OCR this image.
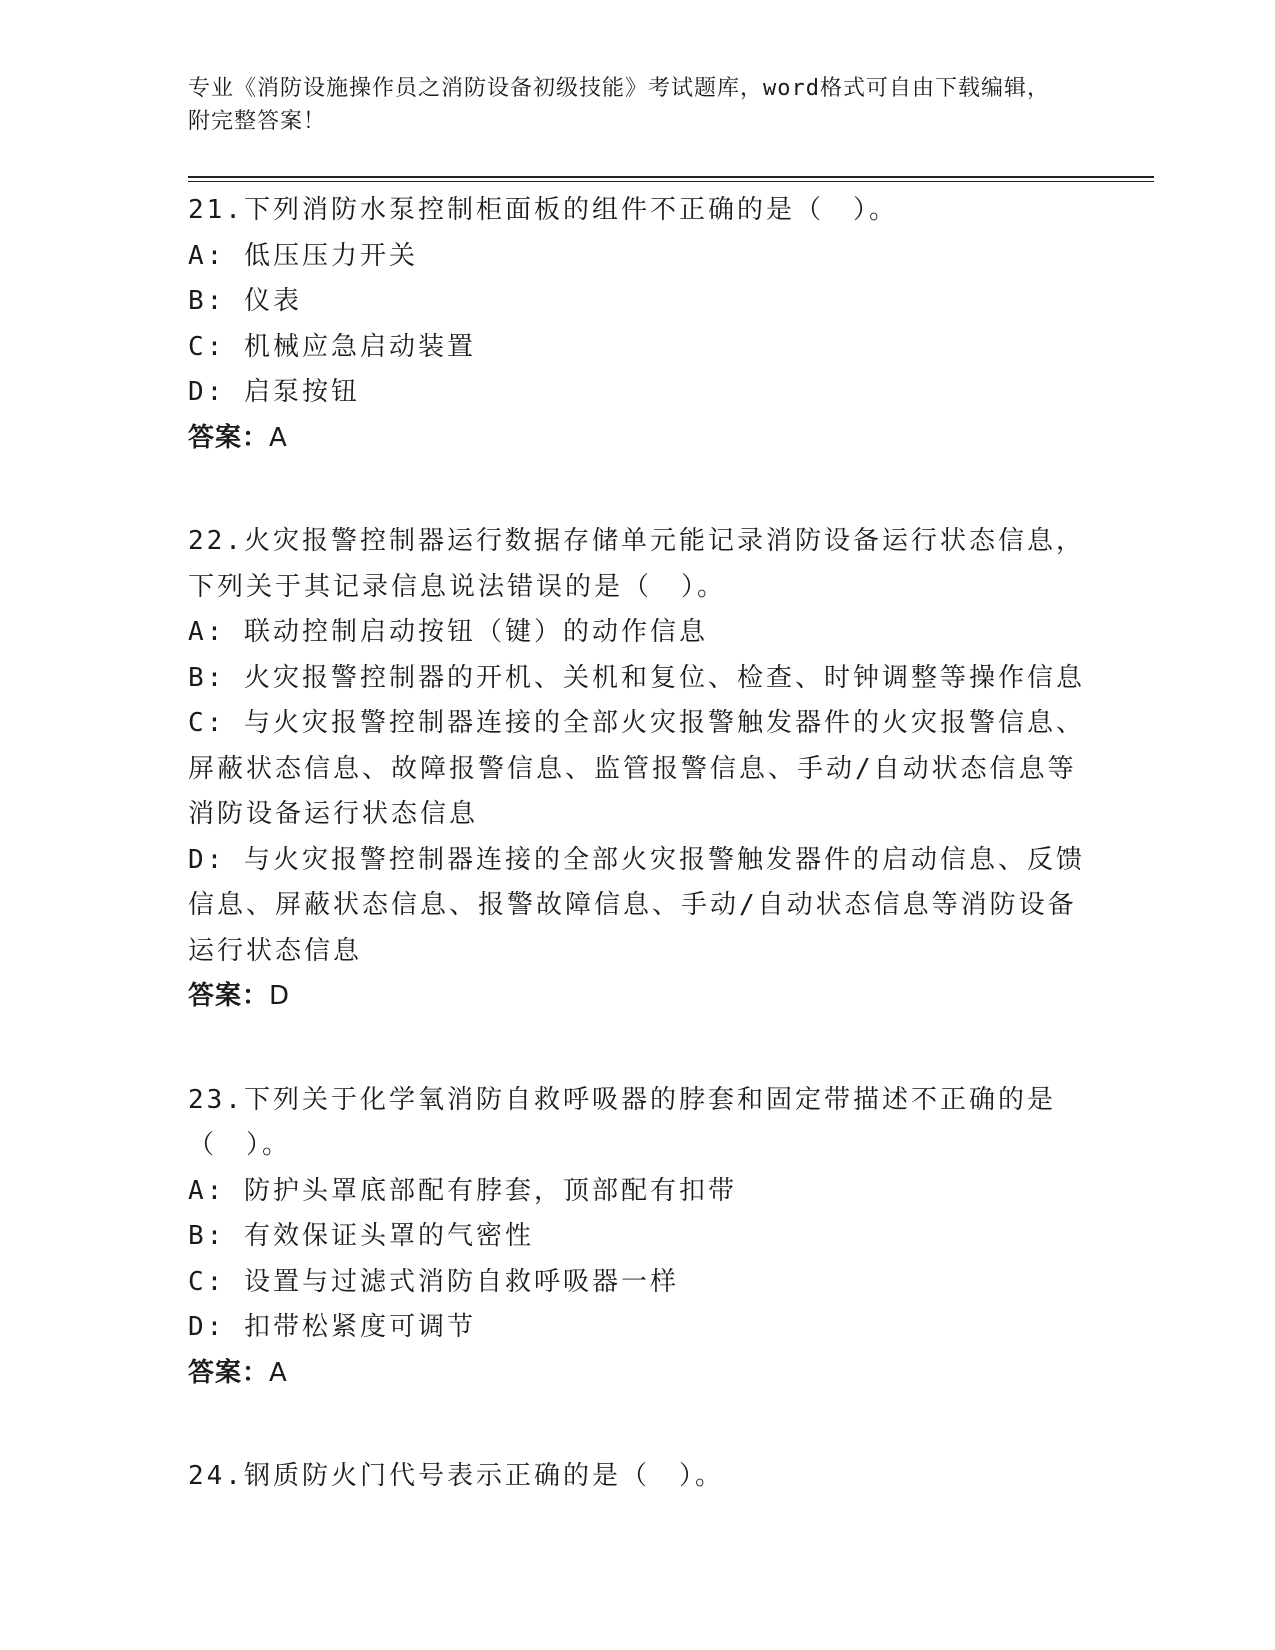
专业《消防设施操作员之消防设备初级技能》考试题库，word格式可自由下载编辑，附完整答案！

21.下列消防水泵控制柜面板的组件不正确的是（　）。

A: 低压压力开关

B: 仪表

C: 机械应急启动装置

D: 启泵按钮

答案：A

22.火灾报警控制器运行数据存储单元能记录消防设备运行状态信息，下列关于其记录信息说法错误的是（　）。

A: 联动控制启动按钮（键）的动作信息

B: 火灾报警控制器的开机、关机和复位、检查、时钟调整等操作信息

C: 与火灾报警控制器连接的全部火灾报警触发器件的火灾报警信息、屏蔽状态信息、故障报警信息、监管报警信息、手动/自动状态信息等消防设备运行状态信息

D: 与火灾报警控制器连接的全部火灾报警触发器件的启动信息、反馈信息、屏蔽状态信息、报警故障信息、手动/自动状态信息等消防设备运行状态信息

答案：D

23.下列关于化学氧消防自救呼吸器的脖套和固定带描述不正确的是（　）。

A: 防护头罩底部配有脖套，顶部配有扣带

B: 有效保证头罩的气密性

C: 设置与过滤式消防自救呼吸器一样

D: 扣带松紧度可调节

答案：A

24.钢质防火门代号表示正确的是（　）。
